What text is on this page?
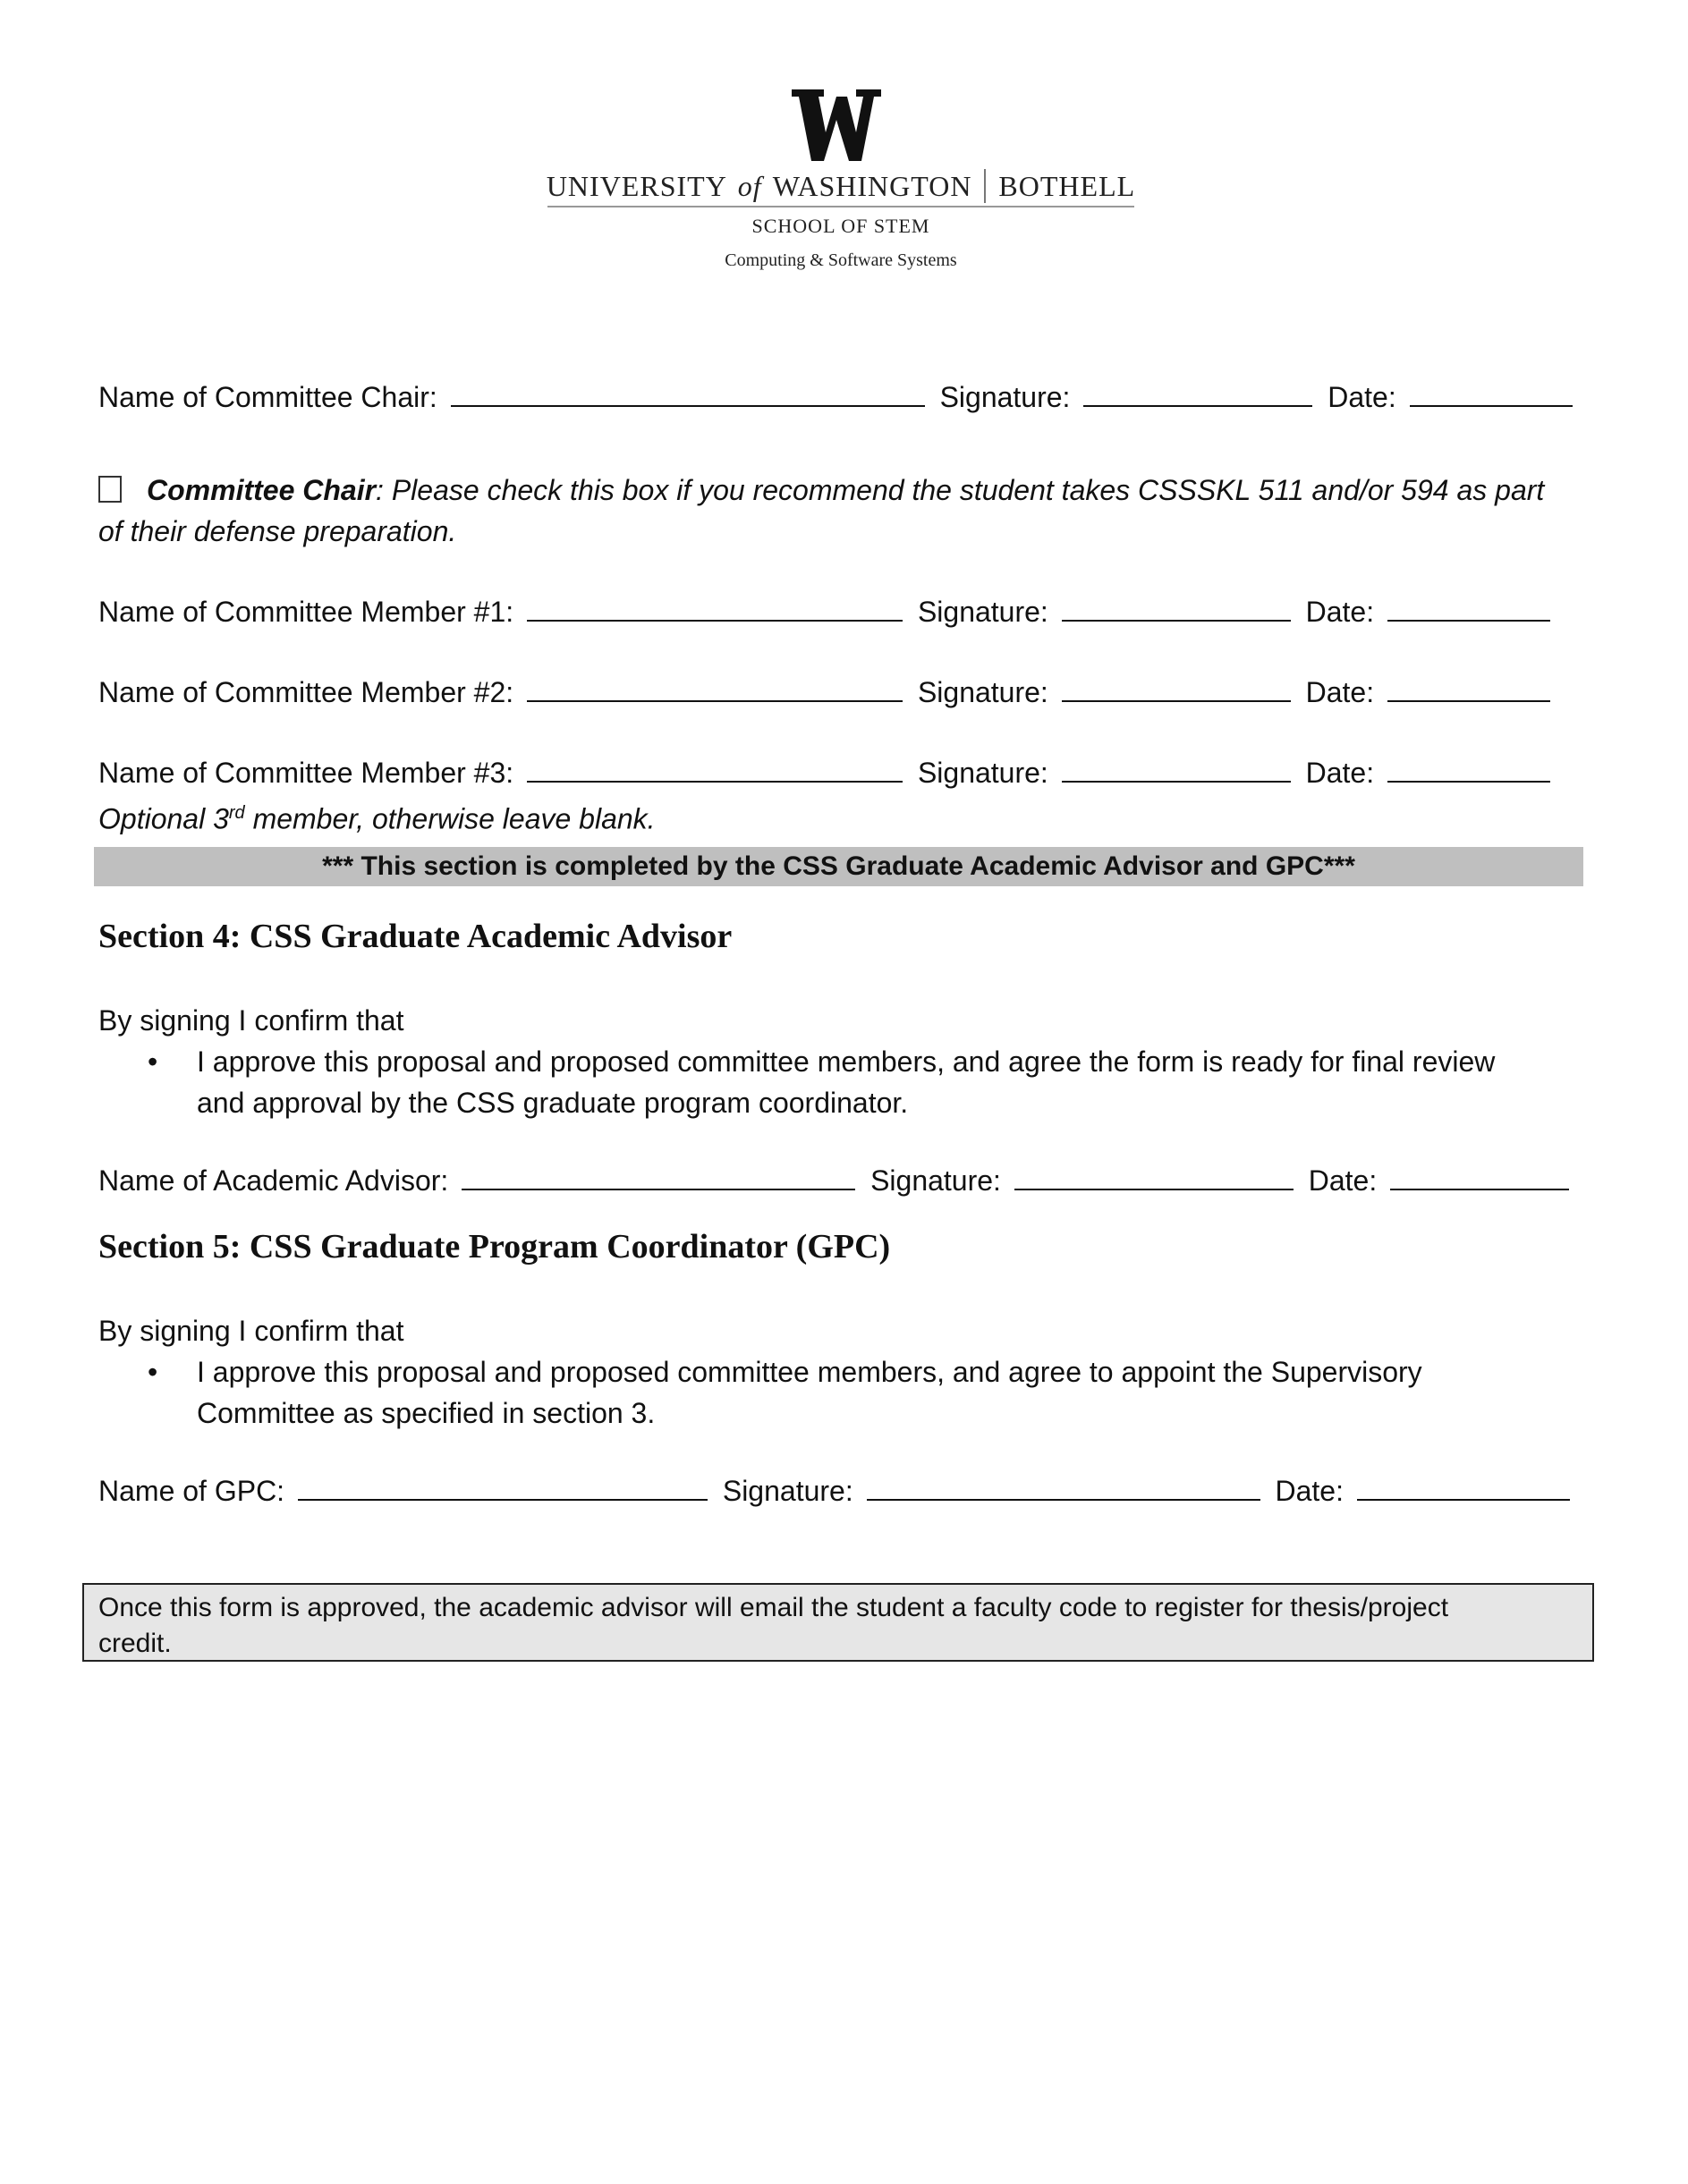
UNIVERSITY of WASHINGTON BOTHELL
SCHOOL OF STEM
Computing & Software Systems
Name of Committee Chair:	Signature:	Date:
Committee Chair: Please check this box if you recommend the student takes CSSSKL 511 and/or 594 as part
of their defense preparation.
Name of Committee Member #1:	Signature:	Date:
Name of Committee Member #2:	Signature:	Date:
Name of Committee Member #3:	Signature:	Date:
Optional 3rd member, otherwise leave blank.
*** This section is completed by the CSS Graduate Academic Advisor and GPC***
Section 4: CSS Graduate Academic Advisor
By signing I confirm that
• I approve this proposal and proposed committee members, and agree the form is ready for final review
and approval by the CSS graduate program coordinator.
Name of Academic Advisor:	Signature:	Date:
Section 5: CSS Graduate Program Coordinator (GPC)
By signing I confirm that
• I approve this proposal and proposed committee members, and agree to appoint the Supervisory
Committee as specified in section 3.
Name of GPC:	Signature:	Date:
Once this form is approved, the academic advisor will email the student a faculty code to register for thesis/project
credit.
